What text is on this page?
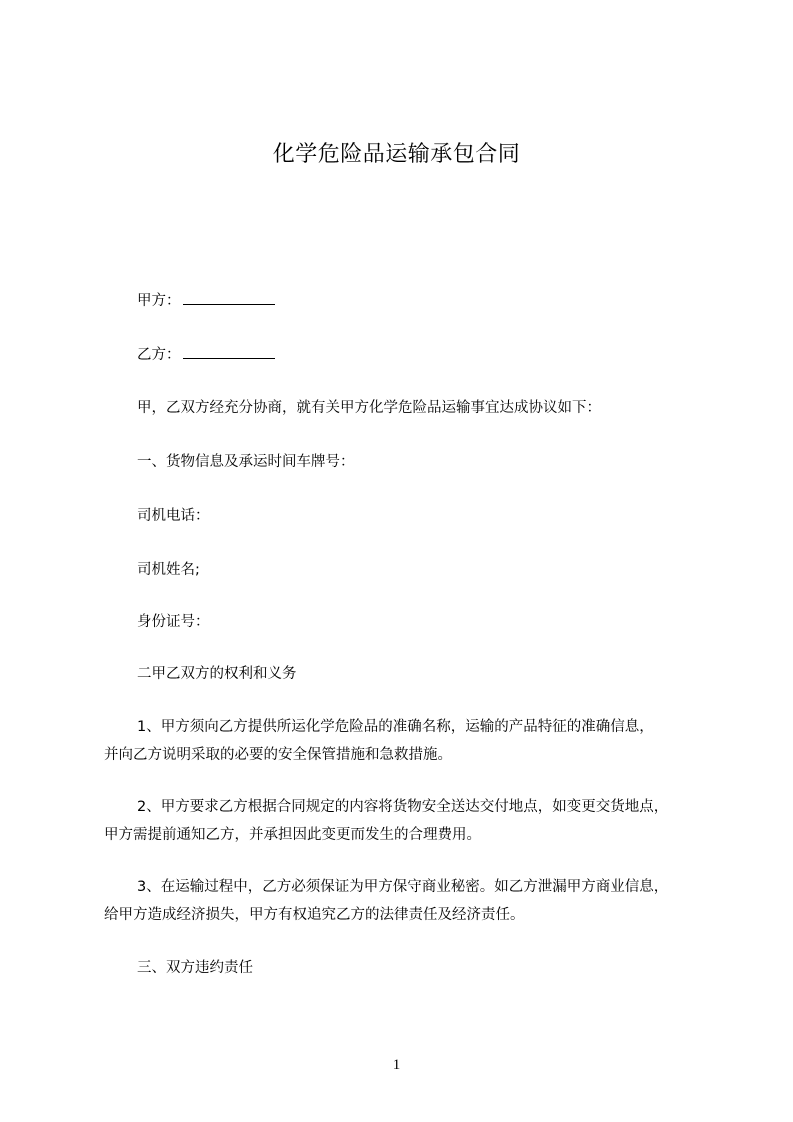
化学危险品运输承包合同
甲方：
乙方：
甲，乙双方经充分协商，就有关甲方化学危险品运输事宜达成协议如下：
一、货物信息及承运时间车牌号：
司机电话：
司机姓名;
身份证号：
二甲乙双方的权利和义务
1、甲方须向乙方提供所运化学危险品的准确名称，运输的产品特征的准确信息，
并向乙方说明采取的必要的安全保管措施和急救措施。
2、甲方要求乙方根据合同规定的内容将货物安全送达交付地点，如变更交货地点，
甲方需提前通知乙方，并承担因此变更而发生的合理费用。
3、在运输过程中，乙方必须保证为甲方保守商业秘密。如乙方泄漏甲方商业信息，
给甲方造成经济损失，甲方有权追究乙方的法律责任及经济责任。
三、双方违约责任
1
